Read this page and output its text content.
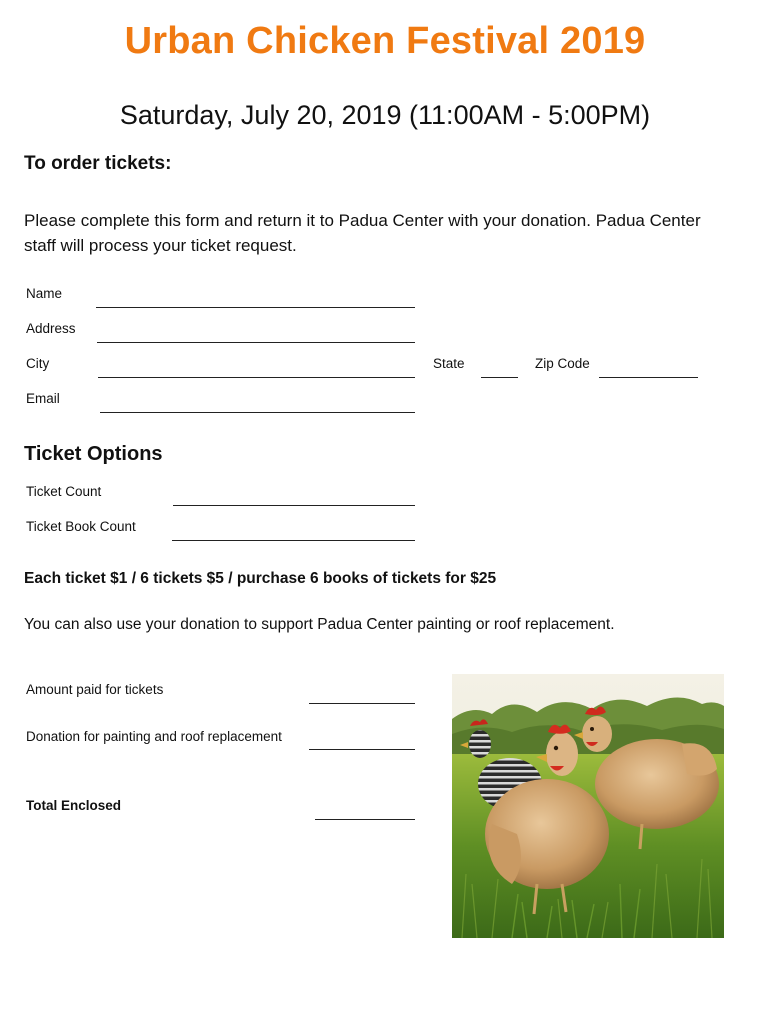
Urban Chicken Festival 2019
Saturday, July 20, 2019 (11:00AM - 5:00PM)
To order tickets:
Please complete this form and return it to Padua Center with your donation. Padua Center staff will process your ticket request.
Name
Address
City	State	Zip Code
Email
Ticket Options
Ticket Count
Ticket Book Count
Each ticket $1 / 6 tickets $5 / purchase 6 books of tickets for $25
You can also use your donation to support Padua Center painting or roof replacement.
Amount paid for tickets
Donation for painting and roof replacement
Total Enclosed
